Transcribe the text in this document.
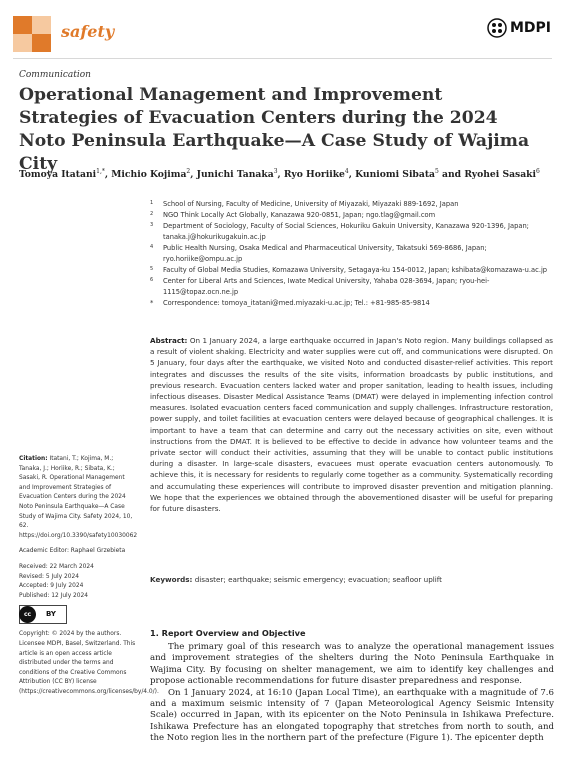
safety	MDPI
Communication
Operational Management and Improvement Strategies of Evacuation Centers during the 2024 Noto Peninsula Earthquake—A Case Study of Wajima City
Tomoya Itatani$^{1,*}$, Michio Kojima$^2$, Junichi Tanaka$^3$, Ryo Horiike$^4$, Kuniomi Sibata$^5$ and Ryohei Sasaki$^6$
1	School of Nursing, Faculty of Medicine, University of Miyazaki, Miyazaki 889-1692, Japan
2	NGO Think Locally Act Globally, Kanazawa 920-0851, Japan; ngo.tlag@gmail.com
3	Department of Sociology, Faculty of Social Sciences, Hokuriku Gakuin University, Kanazawa 920-1396, Japan; tanaka.j@hokurikugakuin.ac.jp
4	Public Health Nursing, Osaka Medical and Pharmaceutical University, Takatsuki 569-8686, Japan; ryo.horiike@ompu.ac.jp
5	Faculty of Global Media Studies, Komazawa University, Setagaya-ku 154-0012, Japan; kshibata@komazawa-u.ac.jp
6	Center for Liberal Arts and Sciences, Iwate Medical University, Yahaba 028-3694, Japan; ryou-hei-1115@topaz.ocn.ne.jp
*	Correspondence: tomoya_itatani@med.miyazaki-u.ac.jp; Tel.: +81-985-85-9814

Abstract: On 1 January 2024, a large earthquake occurred in Japan's Noto region. Many buildings collapsed as a result of violent shaking. Electricity and water supplies were cut off, and communications were disrupted. On 5 January, four days after the earthquake, we visited Noto and conducted disaster-relief activities. This report integrates and discusses the results of the site visits, information broadcasts by public institutions, and previous research. Evacuation centers lacked water and proper sanitation, leading to health issues, including infectious diseases. Disaster Medical Assistance Teams (DMAT) were delayed in implementing infection control measures. Isolated evacuation centers faced communication and supply challenges. Infrastructure restoration, power supply, and toilet facilities at evacuation centers were delayed because of geographical challenges. It is important to have a team that can determine and carry out the necessary activities on site, even without instructions from the DMAT. It is believed to be effective to decide in advance how volunteer teams and the private sector will conduct their activities, assuming that they will be unable to contact public institutions during a disaster. In large-scale disasters, evacuees must operate evacuation centers autonomously. To achieve this, it is necessary for residents to regularly come together as a community. Systematically recording and accumulating these experiences will contribute to improved disaster prevention and mitigation planning. We hope that the experiences we obtained through the abovementioned disaster will be useful for preparing for future disasters.

Keywords: disaster; earthquake; seismic emergency; evacuation; seafloor uplift

Citation: Itatani, T.; Kojima, M.; Tanaka, J.; Horiike, R.; Sibata, K.; Sasaki, R. Operational Management and Improvement Strategies of Evacuation Centers during the 2024 Noto Peninsula Earthquake—A Case Study of Wajima City. Safety 2024, 10, 62. https://doi.org/10.3390/safety10030062

Academic Editor: Raphael Grzebieta

Received: 22 March 2024

Revised: 5 July 2024

Accepted: 9 July 2024

Published: 12 July 2024

cc	BY

Copyright: © 2024 by the authors. Licensee MDPI, Basel, Switzerland. This article is an open access article distributed under the terms and conditions of the Creative Commons Attribution (CC BY) license (https://creativecommons.org/licenses/by/4.0/).

1. Report Overview and Objective

The primary goal of this research was to analyze the operational management issues and improvement strategies of the shelters during the Noto Peninsula Earthquake in Wajima City. By focusing on shelter management, we aim to identify key challenges and propose actionable recommendations for future disaster preparedness and response.

On 1 January 2024, at 16:10 (Japan Local Time), an earthquake with a magnitude of 7.6 and a maximum seismic intensity of 7 (Japan Meteorological Agency Seismic Intensity Scale) occurred in Japan, with its epicenter on the Noto Peninsula in Ishikawa Prefecture. Ishikawa Prefecture has an elongated topography that stretches from north to south, and the Noto region lies in the northern part of the prefecture (Figure 1). The epicenter depth
